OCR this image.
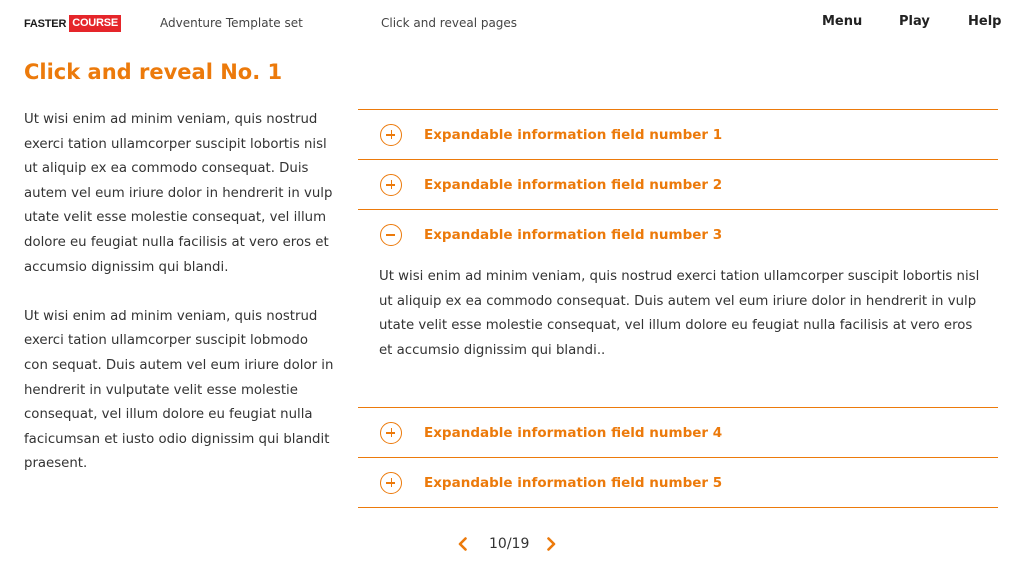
FASTER COURSE	Adventure Template set	Click and reveal pages	Menu	Play	Help
Click and reveal No. 1

Ut wisi enim ad minim veniam, quis nostrud exerci tation ullamcorper suscipit lobortis nisl ut aliquip ex ea commodo consequat. Duis autem vel eum iriure dolor in hendrerit in vulp utate velit esse molestie consequat, vel illum dolore eu feugiat nulla facilisis at vero eros et accumsio dignissim qui blandi.

Ut wisi enim ad minim veniam, quis nostrud exerci tation ullamcorper suscipit lobmodo con sequat. Duis autem vel eum iriure dolor in hendrerit in vulputate velit esse molestie consequat, vel illum dolore eu feugiat nulla facicumsan et iusto odio dignissim qui blandit praesent.

Expandable information field number 1
Expandable information field number 2
Expandable information field number 3
Ut wisi enim ad minim veniam, quis nostrud exerci tation ullamcorper suscipit lobortis nisl ut aliquip ex ea commodo consequat. Duis autem vel eum iriure dolor in hendrerit in vulp utate velit esse molestie consequat, vel illum dolore eu feugiat nulla facilisis at vero eros et accumsio dignissim qui blandi..
Expandable information field number 4
Expandable information field number 5
10/19
